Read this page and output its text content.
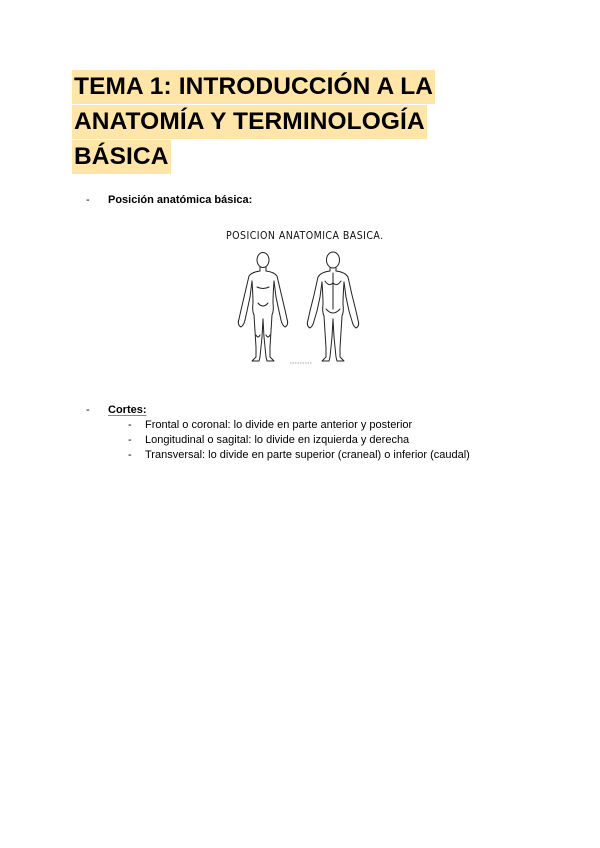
TEMA 1: INTRODUCCIÓN A LA
ANATOMÍA Y TERMINOLOGÍA
BÁSICA
- Posición anatómica básica:
POSICION ANATOMICA BASICA.
- Cortes:
- Frontal o coronal: lo divide en parte anterior y posterior
- Longitudinal o sagital: lo divide en izquierda y derecha
- Transversal: lo divide en parte superior (craneal) o inferior (caudal)
